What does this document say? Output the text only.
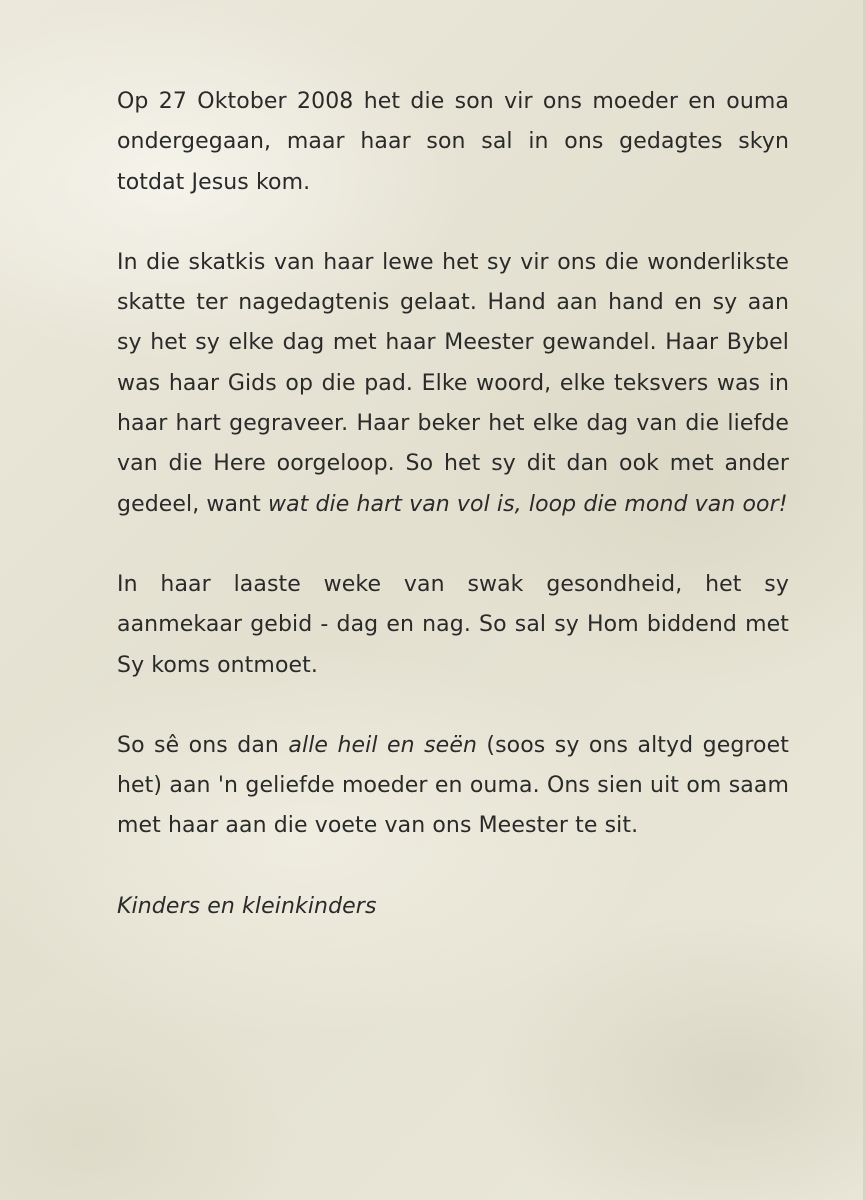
Op 27 Oktober 2008 het die son vir ons moeder en ouma ondergegaan, maar haar son sal in ons gedagtes skyn totdat Jesus kom.

In die skatkis van haar lewe het sy vir ons die wonderlikste skatte ter nagedagtenis gelaat. Hand aan hand en sy aan sy het sy elke dag met haar Meester gewandel. Haar Bybel was haar Gids op die pad. Elke woord, elke teksvers was in haar hart gegraveer. Haar beker het elke dag van die liefde van die Here oorgeloop. So het sy dit dan ook met ander gedeel, want wat die hart van vol is, loop die mond van oor!

In haar laaste weke van swak gesondheid, het sy aanmekaar gebid - dag en nag. So sal sy Hom biddend met Sy koms ontmoet.

So sê ons dan alle heil en seën (soos sy ons altyd gegroet het) aan 'n geliefde moeder en ouma. Ons sien uit om saam met haar aan die voete van ons Meester te sit.

Kinders en kleinkinders
